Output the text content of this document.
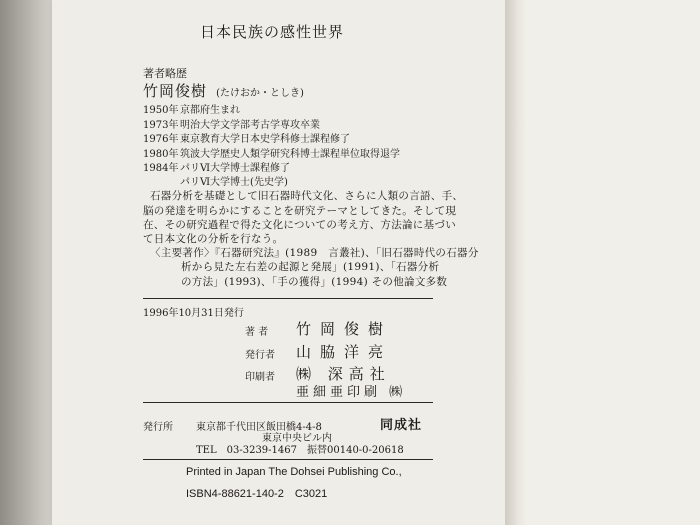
日本民族の感性世界
著者略歴
竹岡俊樹 (たけおか・としき)
1950年 京都府生まれ
1973年 明治大学文学部考古学専攻卒業
1976年 東京教育大学日本史学科修士課程修了
1980年 筑波大学歴史人類学研究科博士課程単位取得退学
1984年 パリⅥ大学博士課程修了
パリⅥ大学博士(先史学)
石器分析を基礎として旧石器時代文化、さらに人類の言語、手、
脳の発達を明らかにすることを研究テーマとしてきた。そして現
在、その研究過程で得た文化についての考え方、方法論に基づい
て日本文化の分析を行なう。
〈主要著作〉『石器研究法』(1989　言叢社)、「旧石器時代の石器分
析から見た左右差の起源と発展」(1991)、「石器分析
の方法」(1993)、「手の獲得」(1994) その他論文多数
1996年10月31日発行
著 者 竹岡俊樹
発行者 山脇洋亮
印刷者 ㈱ 深高社
亜細亜印刷 ㈱
発行所 東京都千代田区飯田橋4-4-8	同成社
東京中央ビル内
TEL　03-3239-1467　振替00140-0-20618
Printed in Japan The Dohsei Publishing Co.,
ISBN4-88621-140-2　C3021
